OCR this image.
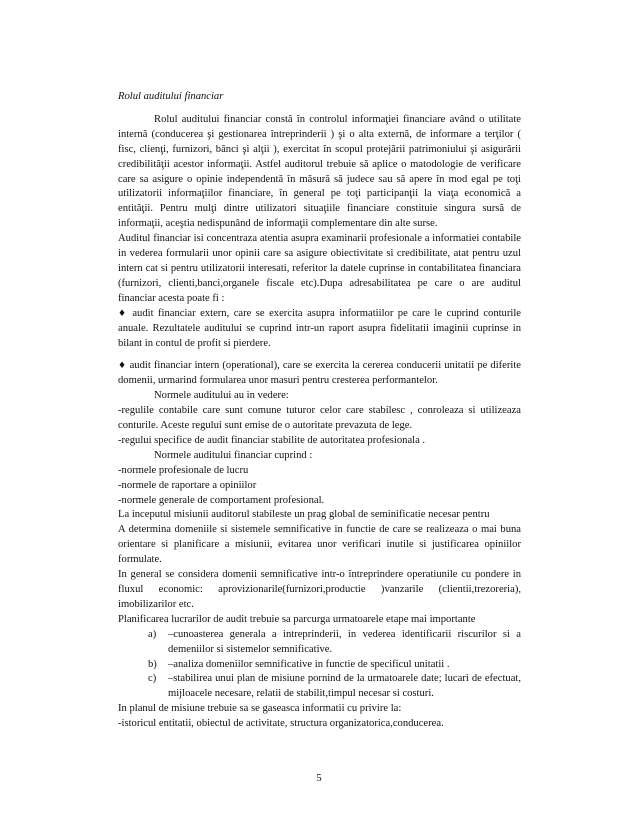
Rolul auditului financiar

Rolul auditului financiar constă în controlul informaţiei financiare având o utilitate internă (conducerea şi gestionarea întreprinderii ) şi o alta externă, de informare a terţilor ( fisc, clienţi, furnizori, bănci şi alţii ), exercitat în scopul protejării patrimoniului şi asigurării credibilităţii acestor informaţii. Astfel auditorul trebuie să aplice o matodologie de verificare care sa asigure o opinie independentă în măsură să judece sau să apere în mod egal pe toţi utilizatorii informaţiilor financiare, în general pe toţi participanţii la viaţa economică a entităţii. Pentru mulţi dintre utilizatori situaţiile financiare constituie singura sursă de informaţii, aceştia nedispunând de informaţii complementare din alte surse.

Auditul financiar isi concentraza atentia asupra examinarii profesionale a informatiei contabile in vederea formularii unor opinii care sa asigure obiectivitate si credibilitate, atat pentru uzul intern cat si pentru utilizatorii interesati, referitor la datele cuprinse in contabilitatea financiara (furnizori, clienti,banci,organele fiscale etc).Dupa adresabilitatea pe care o are auditul financiar acesta poate fi :

♦ audit financiar extern, care se exercita asupra informatiilor pe care le cuprind conturile anuale. Rezultatele auditului se cuprind intr-un raport asupra fidelitatii imaginii cuprinse in bilant in contul de profit si pierdere.

♦ audit financiar intern (operational), care se exercita la cererea conducerii unitatii pe diferite domenii, urmarind formularea unor masuri pentru cresterea performantelor.

Normele auditului au in vedere:

-regulile contabile care sunt comune tuturor celor care stabilesc , conroleaza si utilizeaza conturile. Aceste regului sunt emise de o autoritate prevazuta de lege.

-regului specifice de audit financiar stabilite de autoritatea profesionala .

Normele auditului financiar cuprind :

-normele profesionale de lucru

-normele de raportare a opiniilor

-normele generale de comportament profesional.

La inceputul misiunii auditorul stabileste un prag global de seminificatie necesar pentru

A determina domeniile si sistemele semnificative in functie de care se realizeaza o mai buna orientare si planificare a misiunii, evitarea unor verificari inutile si justificarea opiniilor formulate.

In general se considera domenii semnificative intr-o întreprindere operatiunile cu pondere in fluxul economic: aprovizionarile(furnizori,productie )vanzarile (clientii,trezoreria), imobilizarilor etc.

Planificarea lucrarilor de audit trebuie sa parcurga urmatoarele etape mai importante

a) –cunoasterea generala a intreprinderii, in vederea identificarii riscurilor si a demeniilor si sistemelor semnificative.
b) –analiza domeniilor semnificative in functie de specificul unitatii .
c) –stabilirea unui plan de misiune pornind de la urmatoarele date; lucari de efectuat, mijloacele necesare, relatii de stabilit,timpul necesar si costuri.

In planul de misiune trebuie sa se gaseasca informatii cu privire la:

-istoricul entitatii, obiectul de activitate, structura organizatorica,conducerea.

5
